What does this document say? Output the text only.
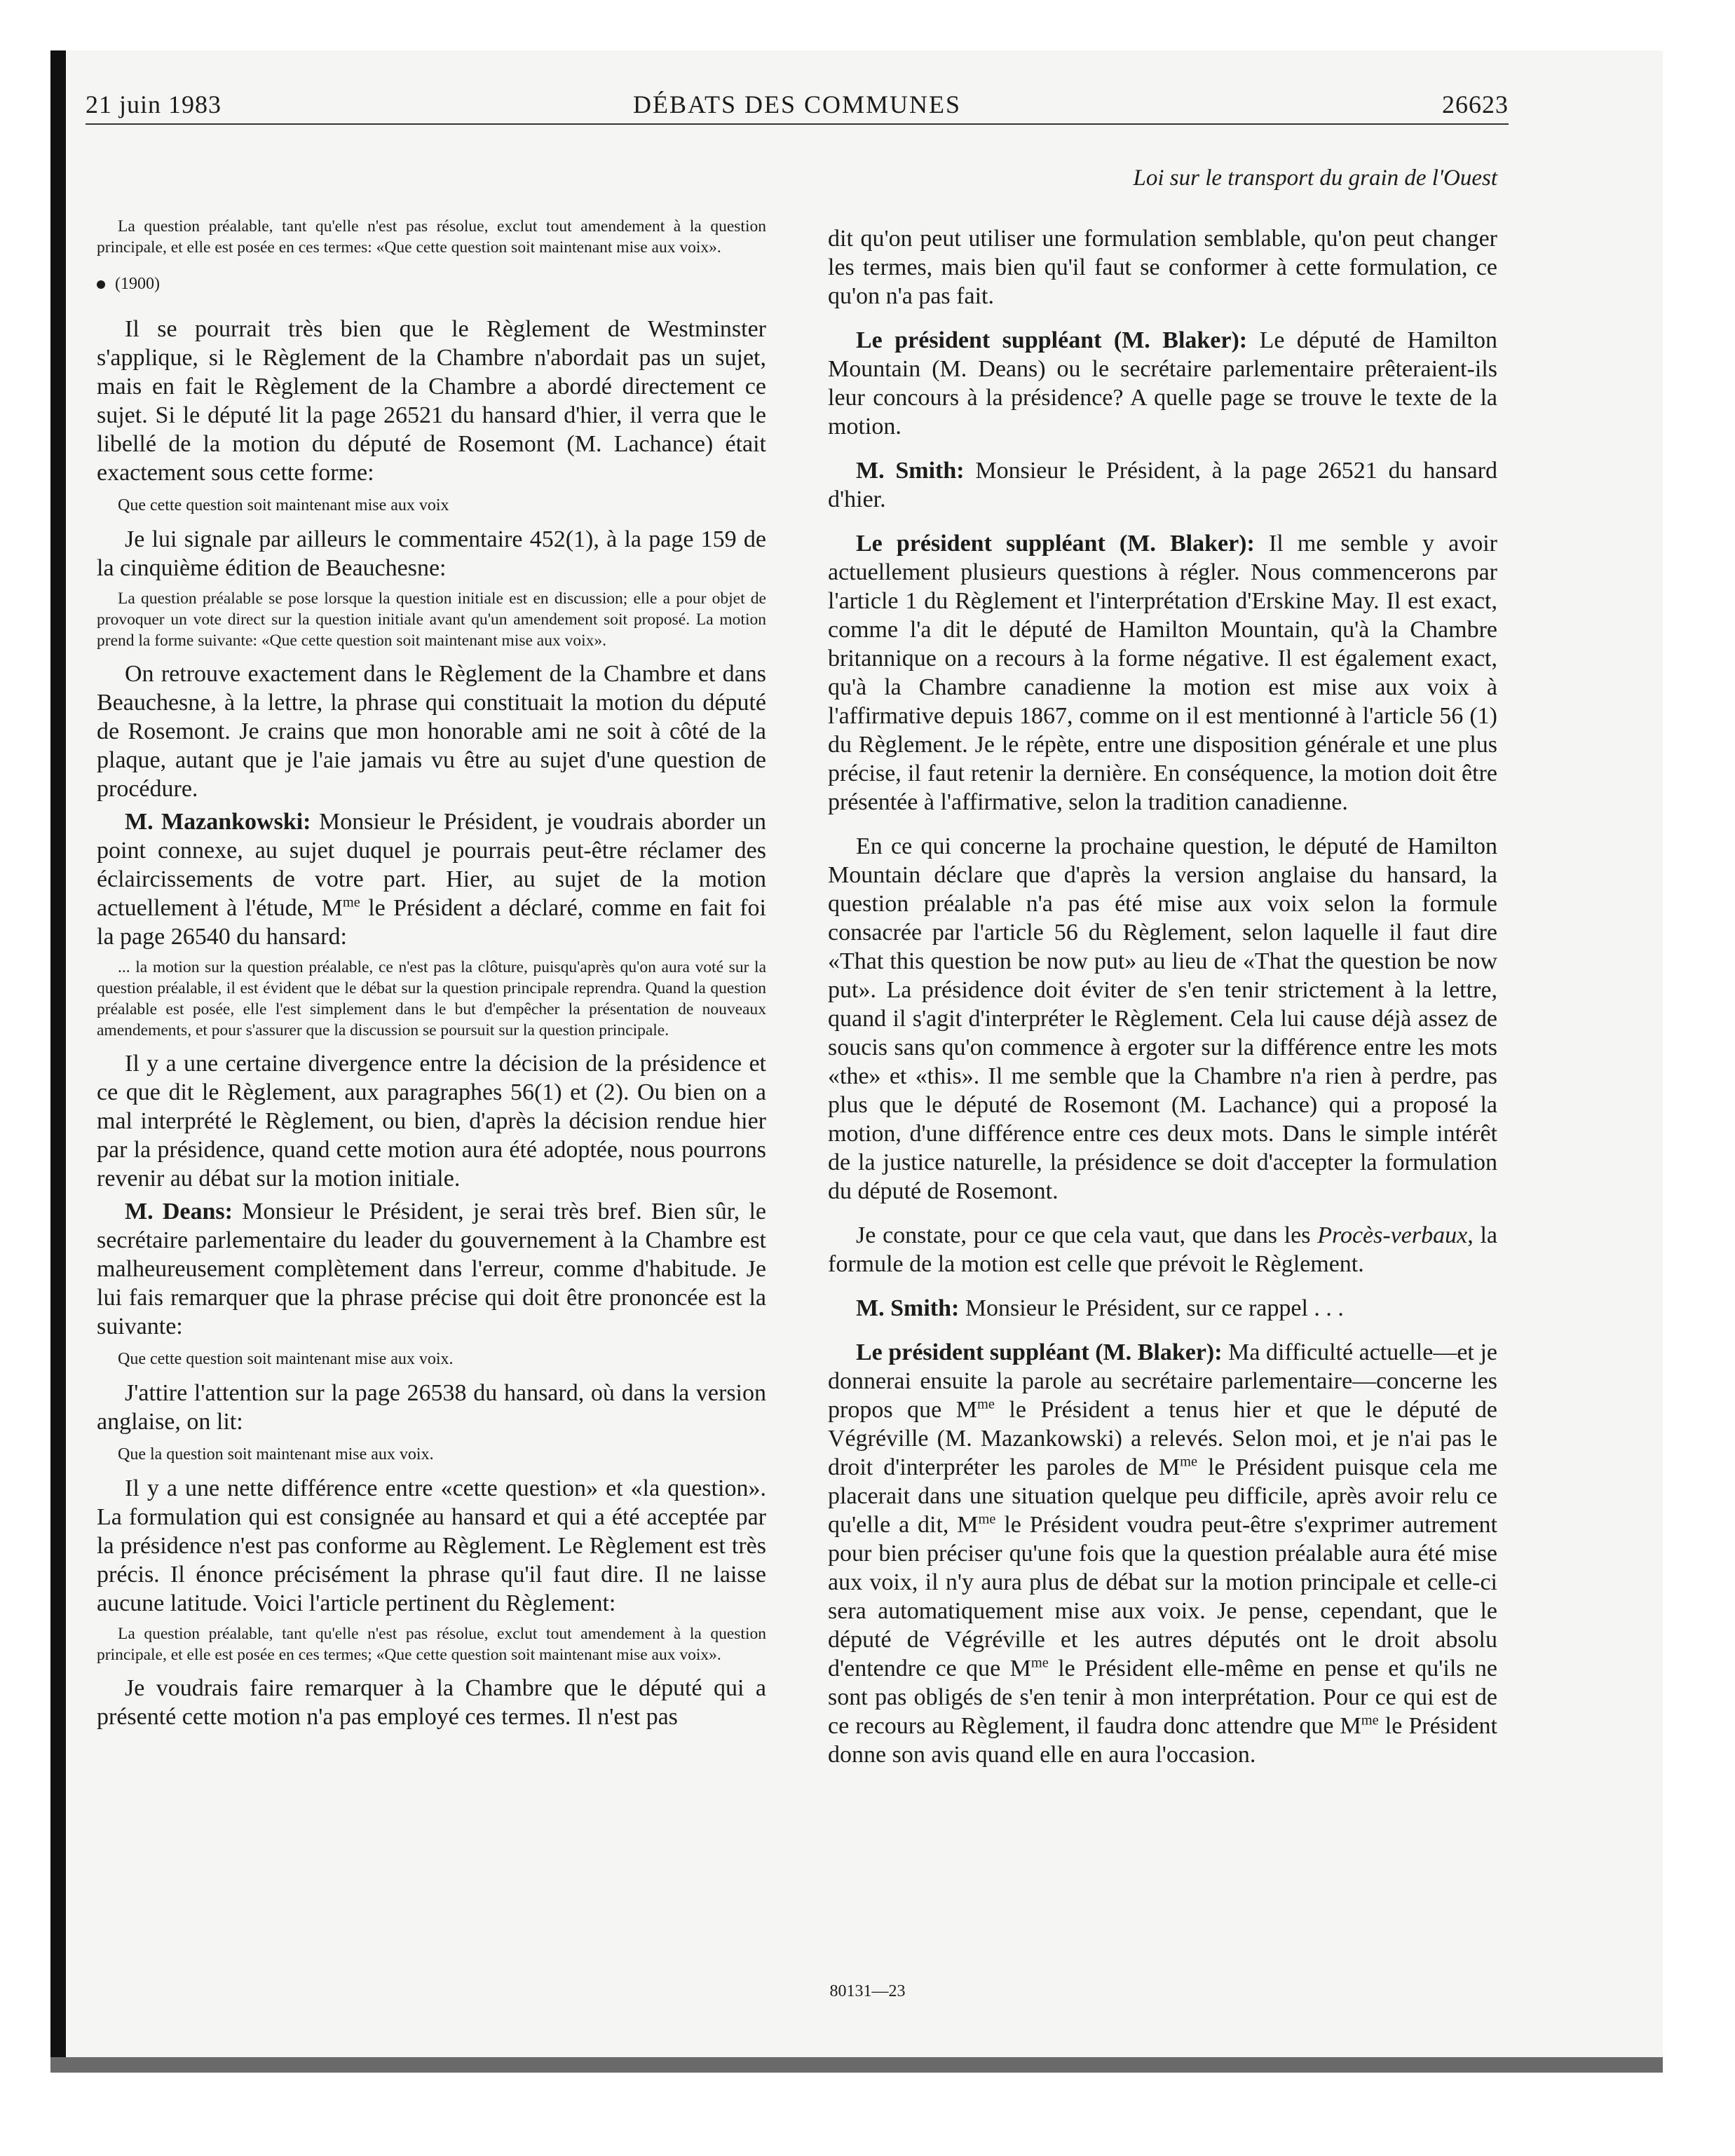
21 juin 1983	DÉBATS DES COMMUNES	26623
Loi sur le transport du grain de l'Ouest

La question préalable, tant qu'elle n'est pas résolue, exclut tout amendement à la question principale, et elle est posée en ces termes: «Que cette question soit maintenant mise aux voix».

(1900)

Il se pourrait très bien que le Règlement de Westminster s'applique, si le Règlement de la Chambre n'abordait pas un sujet, mais en fait le Règlement de la Chambre a abordé directement ce sujet. Si le député lit la page 26521 du hansard d'hier, il verra que le libellé de la motion du député de Rosemont (M. Lachance) était exactement sous cette forme:

Que cette question soit maintenant mise aux voix

Je lui signale par ailleurs le commentaire 452(1), à la page 159 de la cinquième édition de Beauchesne:

La question préalable se pose lorsque la question initiale est en discussion; elle a pour objet de provoquer un vote direct sur la question initiale avant qu'un amendement soit proposé. La motion prend la forme suivante: «Que cette question soit maintenant mise aux voix».

On retrouve exactement dans le Règlement de la Chambre et dans Beauchesne, à la lettre, la phrase qui constituait la motion du député de Rosemont. Je crains que mon honorable ami ne soit à côté de la plaque, autant que je l'aie jamais vu être au sujet d'une question de procédure.

M. Mazankowski: Monsieur le Président, je voudrais aborder un point connexe, au sujet duquel je pourrais peut-être réclamer des éclaircissements de votre part. Hier, au sujet de la motion actuellement à l'étude, $M^{me}$ le Président a déclaré, comme en fait foi la page 26540 du hansard:

... la motion sur la question préalable, ce n'est pas la clôture, puisqu'après qu'on aura voté sur la question préalable, il est évident que le débat sur la question principale reprendra. Quand la question préalable est posée, elle l'est simplement dans le but d'empêcher la présentation de nouveaux amendements, et pour s'assurer que la discussion se poursuit sur la question principale.

Il y a une certaine divergence entre la décision de la présidence et ce que dit le Règlement, aux paragraphes 56(1) et (2). Ou bien on a mal interprété le Règlement, ou bien, d'après la décision rendue hier par la présidence, quand cette motion aura été adoptée, nous pourrons revenir au débat sur la motion initiale.

M. Deans: Monsieur le Président, je serai très bref. Bien sûr, le secrétaire parlementaire du leader du gouvernement à la Chambre est malheureusement complètement dans l'erreur, comme d'habitude. Je lui fais remarquer que la phrase précise qui doit être prononcée est la suivante:

Que cette question soit maintenant mise aux voix.

J'attire l'attention sur la page 26538 du hansard, où dans la version anglaise, on lit:

Que la question soit maintenant mise aux voix.

Il y a une nette différence entre «cette question» et «la question». La formulation qui est consignée au hansard et qui a été acceptée par la présidence n'est pas conforme au Règlement. Le Règlement est très précis. Il énonce précisément la phrase qu'il faut dire. Il ne laisse aucune latitude. Voici l'article pertinent du Règlement:

La question préalable, tant qu'elle n'est pas résolue, exclut tout amendement à la question principale, et elle est posée en ces termes; «Que cette question soit maintenant mise aux voix».

Je voudrais faire remarquer à la Chambre que le député qui a présenté cette motion n'a pas employé ces termes. Il n'est pas

dit qu'on peut utiliser une formulation semblable, qu'on peut changer les termes, mais bien qu'il faut se conformer à cette formulation, ce qu'on n'a pas fait.

Le président suppléant (M. Blaker): Le député de Hamilton Mountain (M. Deans) ou le secrétaire parlementaire prêteraient-ils leur concours à la présidence? A quelle page se trouve le texte de la motion.

M. Smith: Monsieur le Président, à la page 26521 du hansard d'hier.

Le président suppléant (M. Blaker): Il me semble y avoir actuellement plusieurs questions à régler. Nous commencerons par l'article 1 du Règlement et l'interprétation d'Erskine May. Il est exact, comme l'a dit le député de Hamilton Mountain, qu'à la Chambre britannique on a recours à la forme négative. Il est également exact, qu'à la Chambre canadienne la motion est mise aux voix à l'affirmative depuis 1867, comme on il est mentionné à l'article 56 (1) du Règlement. Je le répète, entre une disposition générale et une plus précise, il faut retenir la dernière. En conséquence, la motion doit être présentée à l'affirmative, selon la tradition canadienne.

En ce qui concerne la prochaine question, le député de Hamilton Mountain déclare que d'après la version anglaise du hansard, la question préalable n'a pas été mise aux voix selon la formule consacrée par l'article 56 du Règlement, selon laquelle il faut dire «That this question be now put» au lieu de «That the question be now put». La présidence doit éviter de s'en tenir strictement à la lettre, quand il s'agit d'interpréter le Règlement. Cela lui cause déjà assez de soucis sans qu'on commence à ergoter sur la différence entre les mots «the» et «this». Il me semble que la Chambre n'a rien à perdre, pas plus que le député de Rosemont (M. Lachance) qui a proposé la motion, d'une différence entre ces deux mots. Dans le simple intérêt de la justice naturelle, la présidence se doit d'accepter la formulation du député de Rosemont.

Je constate, pour ce que cela vaut, que dans les Procès-verbaux, la formule de la motion est celle que prévoit le Règlement.

M. Smith: Monsieur le Président, sur ce rappel . . .

Le président suppléant (M. Blaker): Ma difficulté actuelle—et je donnerai ensuite la parole au secrétaire parlementaire—concerne les propos que $M^{me}$ le Président a tenus hier et que le député de Végréville (M. Mazankowski) a relevés. Selon moi, et je n'ai pas le droit d'interpréter les paroles de $M^{me}$ le Président puisque cela me placerait dans une situation quelque peu difficile, après avoir relu ce qu'elle a dit, $M^{me}$ le Président voudra peut-être s'exprimer autrement pour bien préciser qu'une fois que la question préalable aura été mise aux voix, il n'y aura plus de débat sur la motion principale et celle-ci sera automatiquement mise aux voix. Je pense, cependant, que le député de Végréville et les autres députés ont le droit absolu d'entendre ce que $M^{me}$ le Président elle-même en pense et qu'ils ne sont pas obligés de s'en tenir à mon interprétation. Pour ce qui est de ce recours au Règlement, il faudra donc attendre que $M^{me}$ le Président donne son avis quand elle en aura l'occasion.

80131—23
